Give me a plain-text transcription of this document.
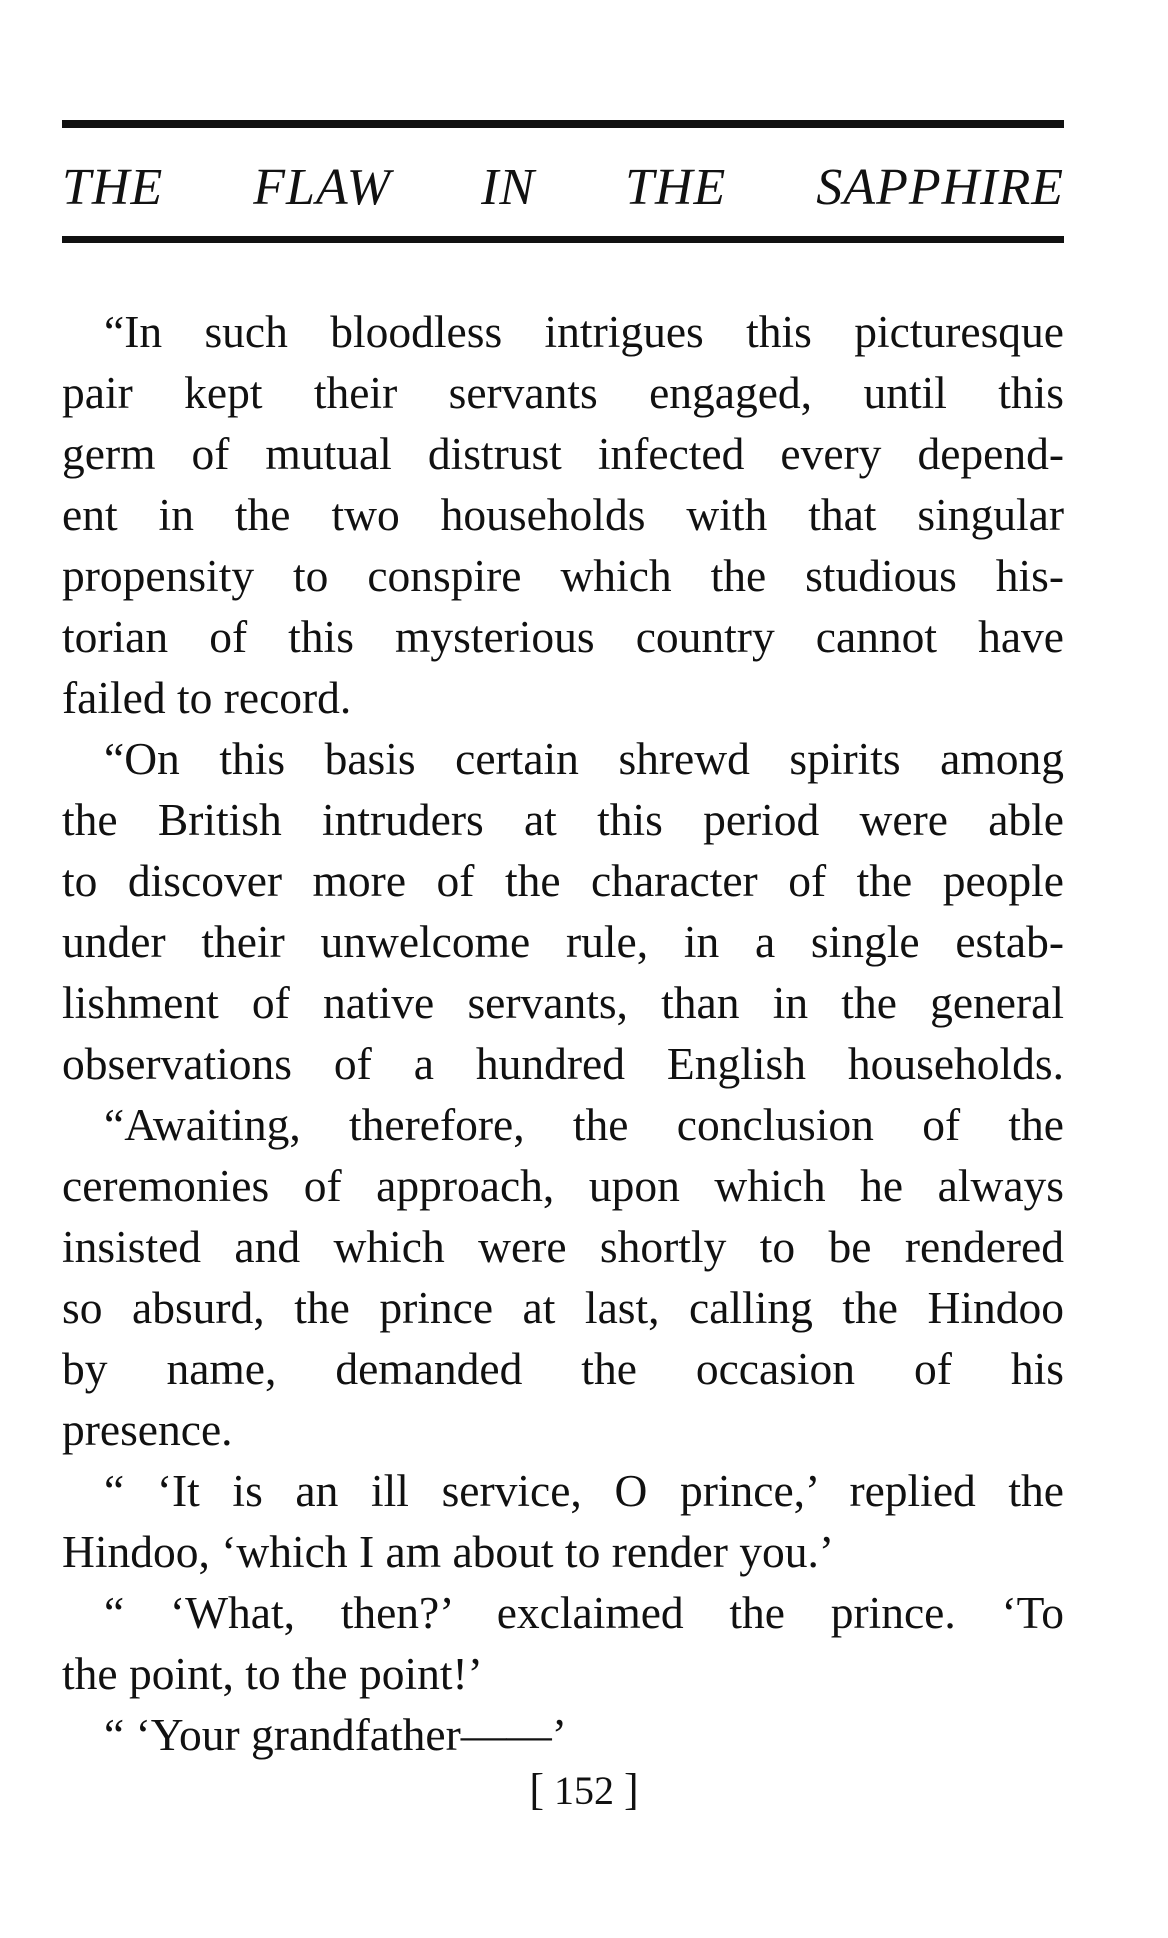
THE FLAW IN THE SAPPHIRE

“In such bloodless intrigues this picturesque
pair kept their servants engaged, until this
germ of mutual distrust infected every depend-
ent in the two households with that singular
propensity to conspire which the studious his-
torian of this mysterious country cannot have
failed to record.

“On this basis certain shrewd spirits among
the British intruders at this period were able
to discover more of the character of the people
under their unwelcome rule, in a single estab-
lishment of native servants, than in the general
observations of a hundred English households.

“Awaiting, therefore, the conclusion of the
ceremonies of approach, upon which he always
insisted and which were shortly to be rendered
so absurd, the prince at last, calling the Hindoo
by name, demanded the occasion of his
presence.

“ ‘It is an ill service, O prince,’ replied the
Hindoo, ‘which I am about to render you.’

“ ‘What, then?’ exclaimed the prince. ‘To
the point, to the point!’

“ ‘Your grandfather——’

[ 152 ]
